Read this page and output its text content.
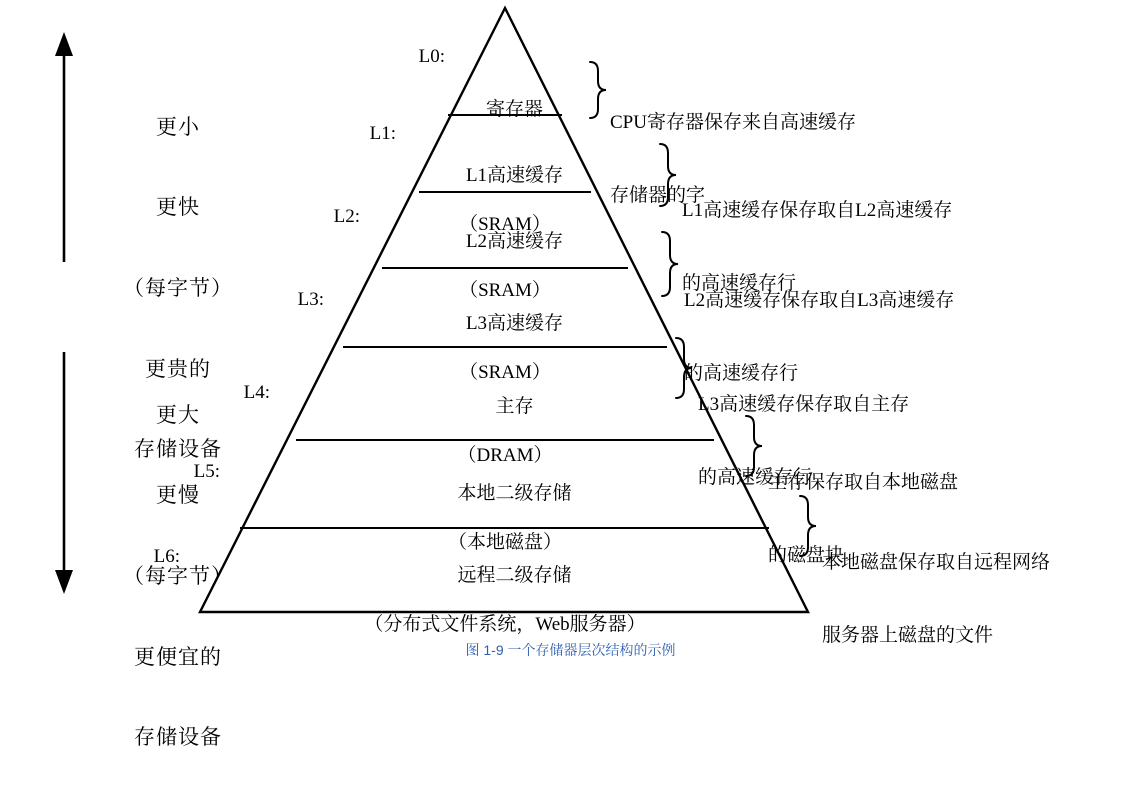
更小

更快

（每字节）

更贵的

存储设备

更大

更慢

（每字节）

更便宜的

存储设备

L0:
L1:
L2:
L3:
L4:
L5:
L6:

寄存器

L1高速缓存

（SRAM）

L2高速缓存

（SRAM）

L3高速缓存

（SRAM）

主存

（DRAM）

本地二级存储

（本地磁盘）

远程二级存储

（分布式文件系统，Web服务器）

CPU寄存器保存来自高速缓存

存储器的字

L1高速缓存保存取自L2高速缓存

的高速缓存行

L2高速缓存保存取自L3高速缓存

的高速缓存行

L3高速缓存保存取自主存

的高速缓存行

主存保存取自本地磁盘

的磁盘块

本地磁盘保存取自远程网络

服务器上磁盘的文件

图 1-9 一个存储器层次结构的示例
